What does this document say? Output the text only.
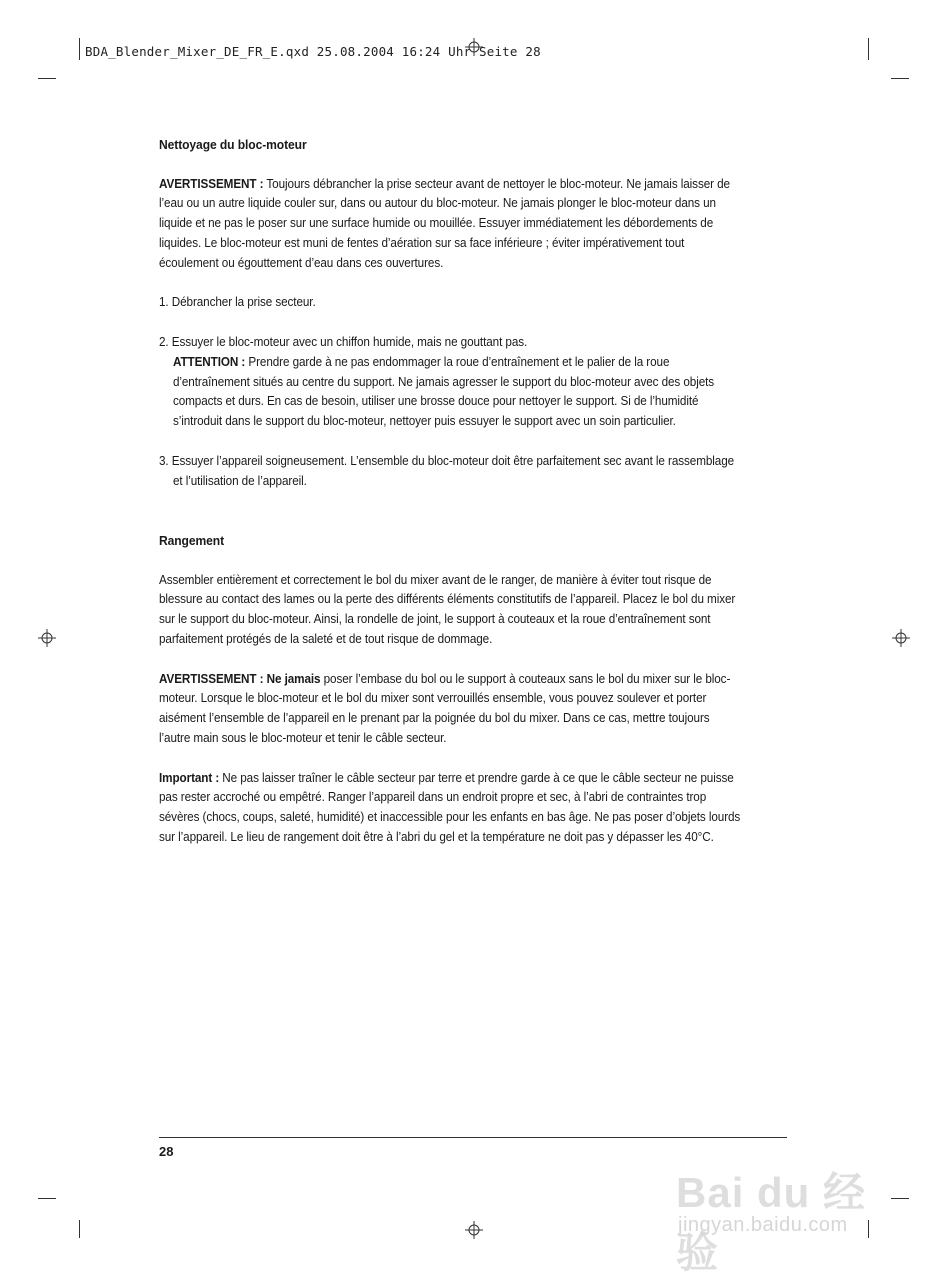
BDA_Blender_Mixer_DE_FR_E.qxd 25.08.2004 16:24 Uhr Seite 28

Nettoyage du bloc-moteur

AVERTISSEMENT : Toujours débrancher la prise secteur avant de nettoyer le bloc-moteur. Ne jamais laisser de l’eau ou un autre liquide couler sur, dans ou autour du bloc-moteur. Ne jamais plonger le bloc-moteur dans un liquide et ne pas le poser sur une surface humide ou mouillée. Essuyer immédiatement les débordements de liquides. Le bloc-moteur est muni de fentes d’aération sur sa face inférieure ; éviter impérativement tout écoulement ou égouttement d’eau dans ces ouvertures.

1. Débrancher la prise secteur.

2. Essuyer le bloc-moteur avec un chiffon humide, mais ne gouttant pas.

ATTENTION : Prendre garde à ne pas endommager la roue d’entraînement et le palier de la roue d’entraînement situés au centre du support. Ne jamais agresser le support du bloc-moteur avec des objets compacts et durs. En cas de besoin, utiliser une brosse douce pour nettoyer le support. Si de l’humidité s’introduit dans le support du bloc-moteur, nettoyer puis essuyer le support avec un soin particulier.

3. Essuyer l’appareil soigneusement. L’ensemble du bloc-moteur doit être parfaitement sec avant le rassemblage et l’utilisation de l’appareil.

Rangement

Assembler entièrement et correctement le bol du mixer avant de le ranger, de manière à éviter tout risque de blessure au contact des lames ou la perte des différents éléments constitutifs de l’appareil. Placez le bol du mixer sur le support du bloc-moteur. Ainsi, la rondelle de joint, le support à couteaux et la roue d’entraînement sont parfaitement protégés de la saleté et de tout risque de dommage.

AVERTISSEMENT : Ne jamais poser l’embase du bol ou le support à couteaux sans le bol du mixer sur le bloc-moteur. Lorsque le bloc-moteur et le bol du mixer sont verrouillés ensemble, vous pouvez soulever et porter aisément l’ensemble de l’appareil en le prenant par la poignée du bol du mixer. Dans ce cas, mettre toujours l’autre main sous le bloc-moteur et tenir le câble secteur.

Important : Ne pas laisser traîner le câble secteur par terre et prendre garde à ce que le câble secteur ne puisse pas rester accroché ou empêtré. Ranger l’appareil dans un endroit propre et sec, à l’abri de contraintes trop sévères (chocs, coups, saleté, humidité) et inaccessible pour les enfants en bas âge. Ne pas poser d’objets lourds sur l’appareil. Le lieu de rangement doit être à l’abri du gel et la température ne doit pas y dépasser les 40°C.

28
Bai du 经验
jingyan.baidu.com
